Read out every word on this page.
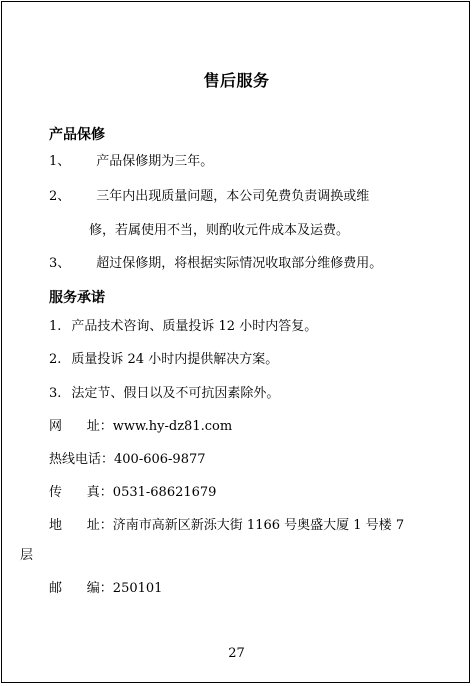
售后服务
产品保修
1、 产品保修期为三年。
2、 三年内出现质量问题，本公司免费负责调换或维
修，若属使用不当，则酌收元件成本及运费。
3、 超过保修期，将根据实际情况收取部分维修费用。
服务承诺
1. 产品技术咨询、质量投诉 12 小时内答复。
2. 质量投诉 24 小时内提供解决方案。
3. 法定节、假日以及不可抗因素除外。
网      址：www.hy-dz81.com
热线电话：400-606-9877
传      真：0531-68621679
地      址：济南市高新区新泺大街 1166 号奥盛大厦 1 号楼 7
层
邮      编：250101
27
